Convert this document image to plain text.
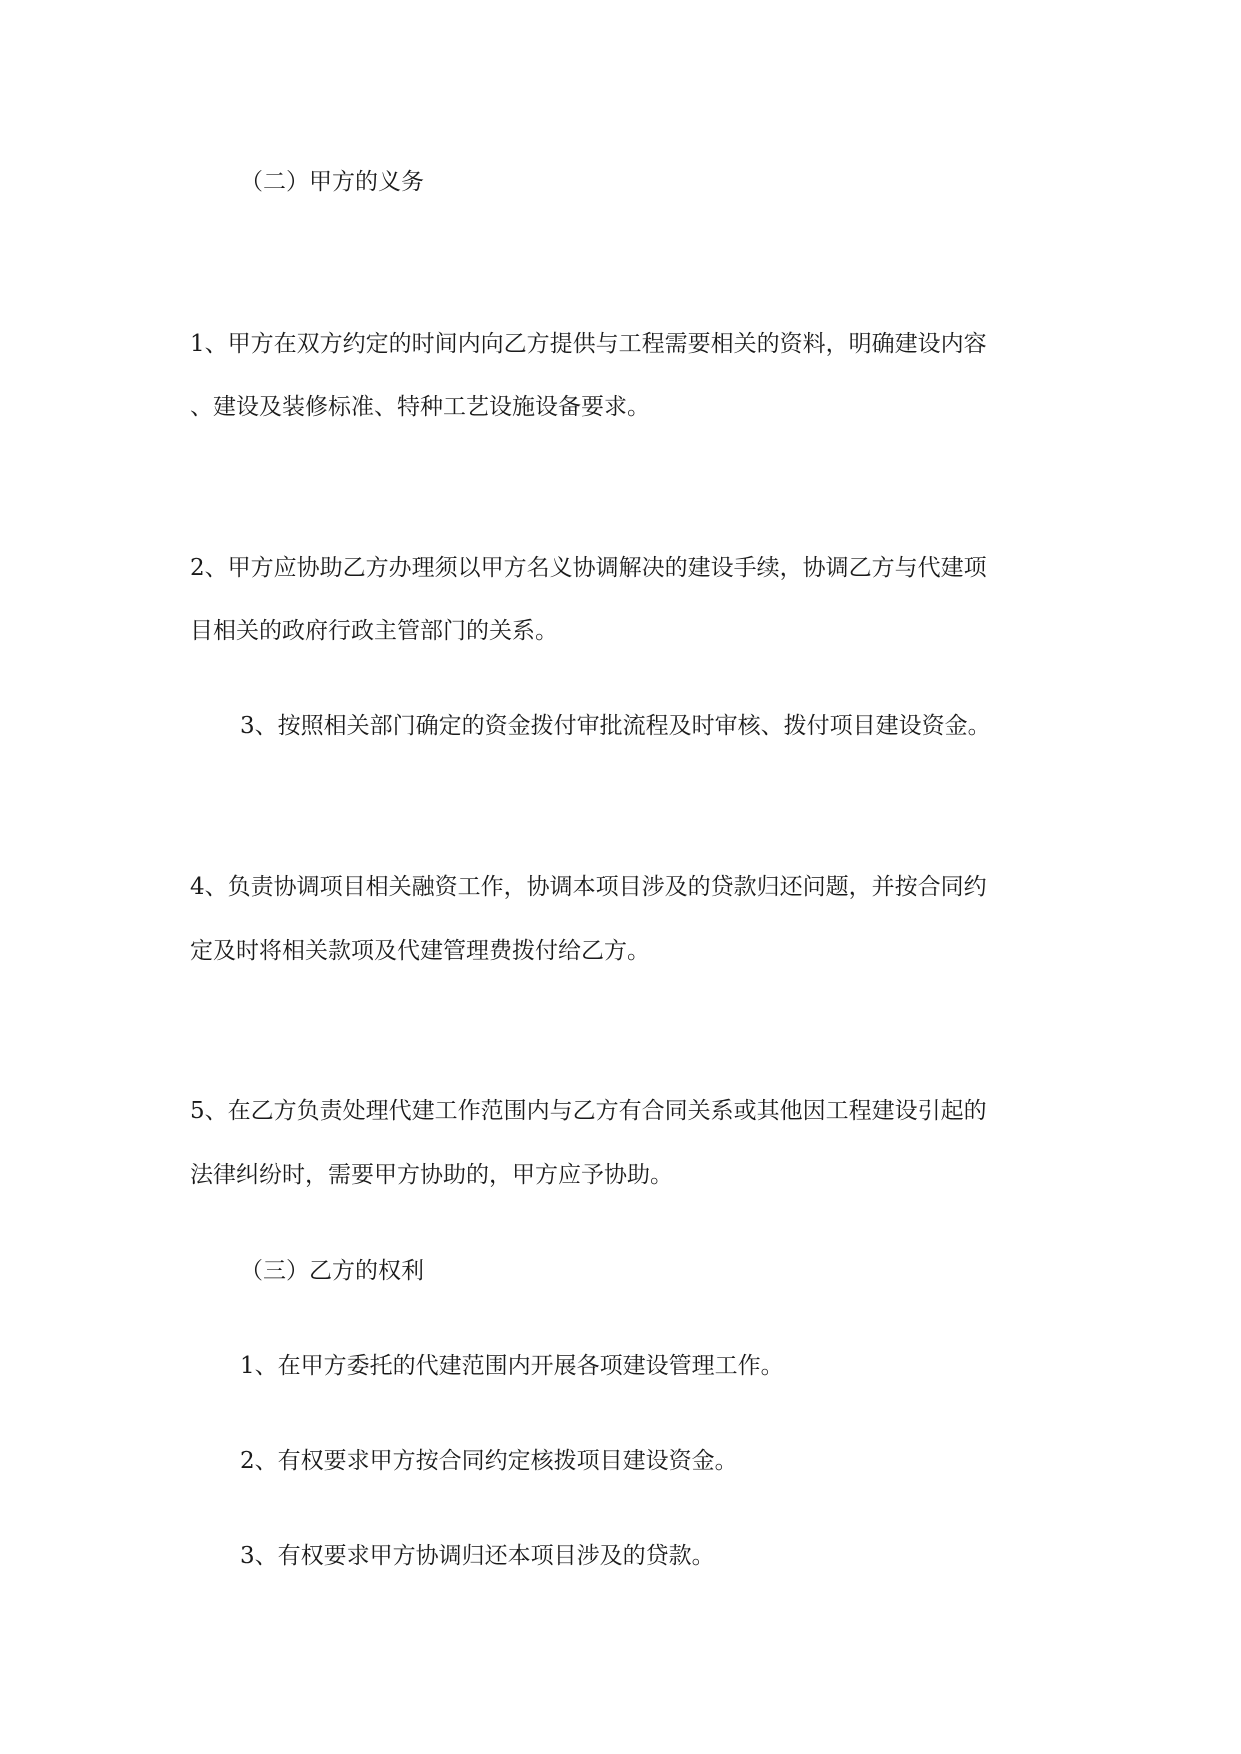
（二）甲方的义务

1、甲方在双方约定的时间内向乙方提供与工程需要相关的资料，明确建设内容

、建设及装修标准、特种工艺设施设备要求。

2、甲方应协助乙方办理须以甲方名义协调解决的建设手续，协调乙方与代建项

目相关的政府行政主管部门的关系。

3、按照相关部门确定的资金拨付审批流程及时审核、拨付项目建设资金。

4、负责协调项目相关融资工作，协调本项目涉及的贷款归还问题，并按合同约

定及时将相关款项及代建管理费拨付给乙方。

5、在乙方负责处理代建工作范围内与乙方有合同关系或其他因工程建设引起的

法律纠纷时，需要甲方协助的，甲方应予协助。

（三）乙方的权利

1、在甲方委托的代建范围内开展各项建设管理工作。

2、有权要求甲方按合同约定核拨项目建设资金。

3、有权要求甲方协调归还本项目涉及的贷款。
